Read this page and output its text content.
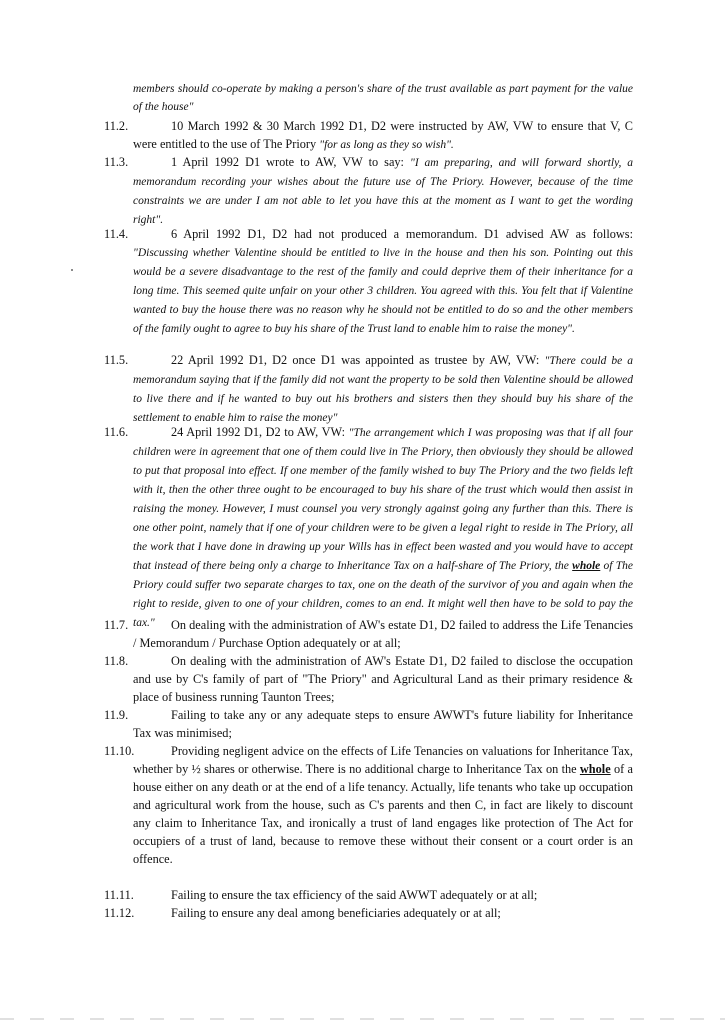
members should co-operate by making a person's share of the trust available as part payment for the value of the house"
11.2.	10 March 1992 & 30 March 1992 D1, D2 were instructed by AW, VW to ensure that V, C were entitled to the use of The Priory "for as long as they so wish".
11.3.	1 April 1992 D1 wrote to AW, VW to say: "I am preparing, and will forward shortly, a memorandum recording your wishes about the future use of The Priory. However, because of the time constraints we are under I am not able to let you have this at the moment as I want to get the wording right".
11.4.	6 April 1992 D1, D2 had not produced a memorandum. D1 advised AW as follows: "Discussing whether Valentine should be entitled to live in the house and then his son. Pointing out this would be a severe disadvantage to the rest of the family and could deprive them of their inheritance for a long time. This seemed quite unfair on your other 3 children. You agreed with this. You felt that if Valentine wanted to buy the house there was no reason why he should not be entitled to do so and the other members of the family ought to agree to buy his share of the Trust land to enable him to raise the money".
11.5.	22 April 1992 D1, D2 once D1 was appointed as trustee by AW, VW: "There could be a memorandum saying that if the family did not want the property to be sold then Valentine should be allowed to live there and if he wanted to buy out his brothers and sisters then they should buy his share of the settlement to enable him to raise the money"
11.6.	24 April 1992 D1, D2 to AW, VW: "The arrangement which I was proposing was that if all four children were in agreement that one of them could live in The Priory, then obviously they should be allowed to put that proposal into effect. If one member of the family wished to buy The Priory and the two fields left with it, then the other three ought to be encouraged to buy his share of the trust which would then assist in raising the money. However, I must counsel you very strongly against going any further than this. There is one other point, namely that if one of your children were to be given a legal right to reside in The Priory, all the work that I have done in drawing up your Wills has in effect been wasted and you would have to accept that instead of there being only a charge to Inheritance Tax on a half-share of The Priory, the whole of The Priory could suffer two separate charges to tax, one on the death of the survivor of you and again when the right to reside, given to one of your children, comes to an end. It might well then have to be sold to pay the tax."
11.7.	On dealing with the administration of AW's estate D1, D2 failed to address the Life Tenancies / Memorandum / Purchase Option adequately or at all;
11.8.	On dealing with the administration of AW's Estate D1, D2 failed to disclose the occupation and use by C's family of part of "The Priory" and Agricultural Land as their primary residence & place of business running Taunton Trees;
11.9.	Failing to take any or any adequate steps to ensure AWWT's future liability for Inheritance Tax was minimised;
11.10.	Providing negligent advice on the effects of Life Tenancies on valuations for Inheritance Tax, whether by ½ shares or otherwise. There is no additional charge to Inheritance Tax on the whole of a house either on any death or at the end of a life tenancy. Actually, life tenants who take up occupation and agricultural work from the house, such as C's parents and then C, in fact are likely to discount any claim to Inheritance Tax, and ironically a trust of land engages like protection of The Act for occupiers of a trust of land, because to remove these without their consent or a court order is an offence.
11.11.	Failing to ensure the tax efficiency of the said AWWT adequately or at all;
11.12.	Failing to ensure any deal among beneficiaries adequately or at all;
